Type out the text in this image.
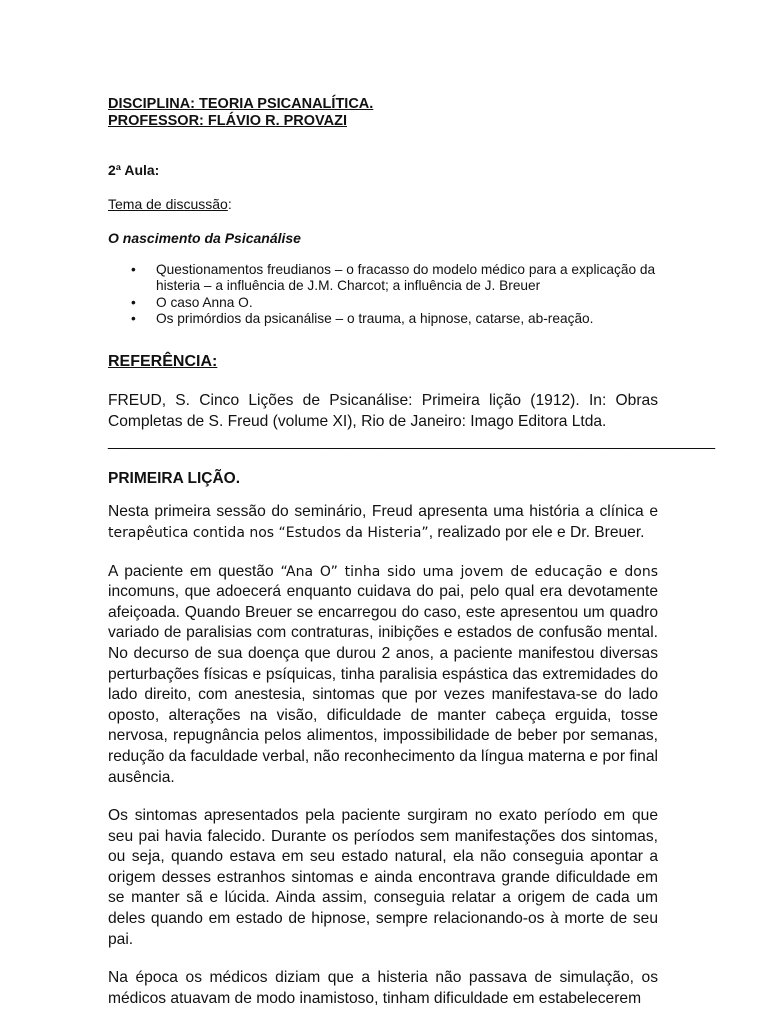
DISCIPLINA: TEORIA PSICANALÍTICA.
PROFESSOR: FLÁVIO R. PROVAZI
2ª Aula:
Tema de discussão:
O nascimento da Psicanálise
• Questionamentos freudianos – o fracasso do modelo médico para a explicação da histeria – a influência de J.M. Charcot; a influência de J. Breuer
• O caso Anna O.
• Os primórdios da psicanálise – o trauma, a hipnose, catarse, ab-reação.
REFERÊNCIA:

FREUD, S. Cinco Lições de Psicanálise: Primeira lição (1912). In: Obras Completas de S. Freud (volume XI), Rio de Janeiro: Imago Editora Ltda.

______________________________________________________________________
PRIMEIRA LIÇÃO.

Nesta primeira sessão do seminário, Freud apresenta uma história a clínica e terapêutica contida nos “Estudos da Histeria”, realizado por ele e Dr. Breuer.

A paciente em questão “Ana O” tinha sido uma jovem de educação e dons incomuns, que adoecerá enquanto cuidava do pai, pelo qual era devotamente afeiçoada. Quando Breuer se encarregou do caso, este apresentou um quadro variado de paralisias com contraturas, inibições e estados de confusão mental. No decurso de sua doença que durou 2 anos, a paciente manifestou diversas perturbações físicas e psíquicas, tinha paralisia espástica das extremidades do lado direito, com anestesia, sintomas que por vezes manifestava-se do lado oposto, alterações na visão, dificuldade de manter cabeça erguida, tosse nervosa, repugnância pelos alimentos, impossibilidade de beber por semanas, redução da faculdade verbal, não reconhecimento da língua materna e por final ausência.

Os sintomas apresentados pela paciente surgiram no exato período em que seu pai havia falecido. Durante os períodos sem manifestações dos sintomas, ou seja, quando estava em seu estado natural, ela não conseguia apontar a origem desses estranhos sintomas e ainda encontrava grande dificuldade em se manter sã e lúcida. Ainda assim, conseguia relatar a origem de cada um deles quando em estado de hipnose, sempre relacionando-os à morte de seu pai.

Na época os médicos diziam que a histeria não passava de simulação, os médicos atuavam de modo inamistoso, tinham dificuldade em estabelecerem
